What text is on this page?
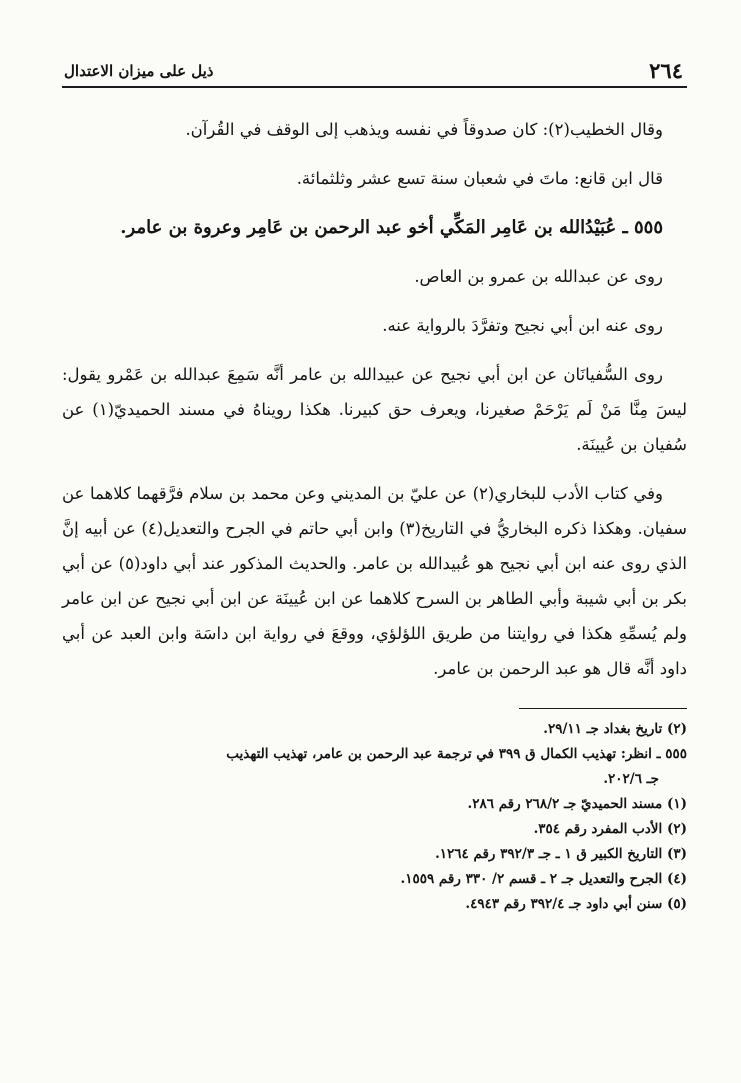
٢٦٤
ذيل على ميزان الاعتدال

وقال الخطيب(٢): كان صدوقاً في نفسه ويذهب إلى الوقف في القُرآن.

قال ابن قانع: ماتَ في شعبان سنة تسع عشر وثلثمائة.

٥٥٥ ـ عُبَيْدُالله بن عَامِر المَكِّي أخو عبد الرحمن بن عَامِر وعروة بن عامر.

روى عن عبدالله بن عمرو بن العاص.

روى عنه ابن أبي نجيح وتفرَّدَ بالرواية عنه.

روى السُّفيانَان عن ابن أبي نجيح عن عبيدالله بن عامر أنَّه سَمِعَ عبدالله بن عَمْرو يقول: ليسَ مِنَّا مَنْ لَم يَرْحَمْ صغيرنا، ويعرف حق كبيرنا. هكذا رويناهُ في مسند الحميديّ(١) عن سُفيان بن عُيينَة.

وفي كتاب الأدب للبخاري(٢) عن عليّ بن المديني وعن محمد بن سلام فرَّقهما كلاهما عن سفيان. وهكذا ذكره البخاريُّ في التاريخ(٣) وابن أبي حاتم في الجرح والتعديل(٤) عن أبيه إنَّ الذي روى عنه ابن أبي نجيح هو عُبيدالله بن عامر. والحديث المذكور عند أبي داود(٥) عن أبي بكر بن أبي شيبة وأبي الطاهر بن السرح كلاهما عن ابن عُيينَة عن ابن أبي نجيح عن ابن عامر ولم يُسمِّهِ هكذا في روايتنا من طريق اللؤلؤي، ووقعَ في رواية ابن داسَة وابن العبد عن أبي داود أنَّه قال هو عبد الرحمن بن عامر.

(٢) تاريخ بغداد جـ ٢٩/١١.

٥٥٥ ـ انظر: تهذيب الكمال ق ٣٩٩ في ترجمة عبد الرحمن بن عامر، تهذيب التهذيب

جـ ٢٠٢/٦.

(١) مسند الحميديّ جـ ٢٦٨/٢ رقم ٢٨٦.

(٢) الأدب المفرد رقم ٣٥٤.

(٣) التاريخ الكبير ق ١ ـ جـ ٣٩٢/٣ رقم ١٢٦٤.

(٤) الجرح والتعديل جـ ٢ ـ قسم ٢/ ٣٣٠ رقم ١٥٥٩.

(٥) سنن أبي داود جـ ٣٩٢/٤ رقم ٤٩٤٣.
